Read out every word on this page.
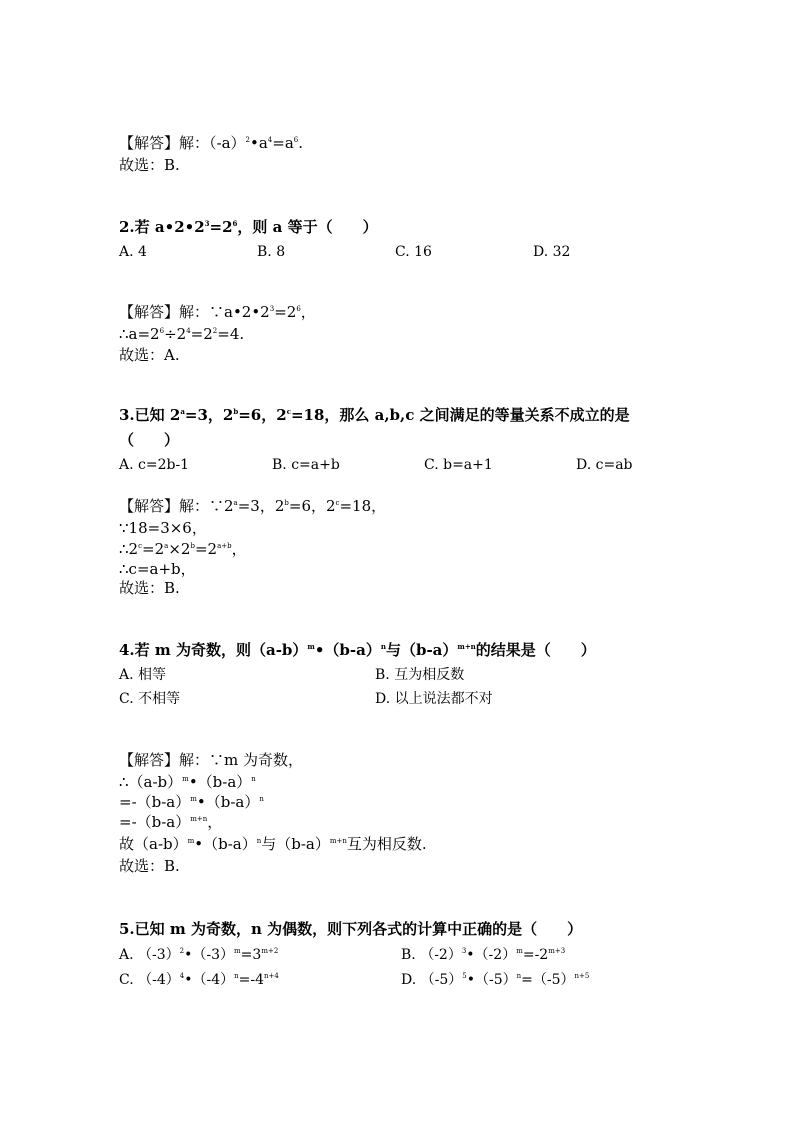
【解答】解：$(-a)^2•a^4=a^6$.
故选：B.
2.若 $a•2•2^3=2^6$，则 a 等于（　　）
A. 4	B. 8	C. 16	D. 32
【解答】解：$\because a•2•2^3=2^6$，
$\therefore a=2^6\div 2^4=2^2=4$.
故选：A.
3.已知 $2^a=3$，$2^b=6$，$2^c=18$，那么 a,b,c 之间满足的等量关系不成立的是
（　　）
A. c=2b-1	B. c=a+b	C. b=a+1	D. c=ab
【解答】解：$\because 2^a=3$，$2^b=6$，$2^c=18$，
∵18=3×6，
$\therefore 2^c=2^a\times 2^b=2^{a+b}$，
∴c=a+b，
故选：B.
4.若 m 为奇数，则$(a-b)^m•(b-a)^n$与$(b-a)^{m+n}$的结果是（　　）
A. 相等	B. 互为相反数
C. 不相等	D. 以上说法都不对
【解答】解：∵m 为奇数，
$\therefore(a-b)^m•(b-a)^n$
$=-(b-a)^m•(b-a)^n$
$=-(b-a)^{m+n}$，
故$(a-b)^m•(b-a)^n$与$(b-a)^{m+n}$互为相反数.
故选：B.
5.已知 m 为奇数，n 为偶数，则下列各式的计算中正确的是（　　）
A. $(-3)^2•(-3)^m=3^{m+2}$	B. $(-2)^3•(-2)^m=-2^{m+3}$
C. $(-4)^4•(-4)^n=-4^{n+4}$	D. $(-5)^5•(-5)^n=(-5)^{n+5}$
